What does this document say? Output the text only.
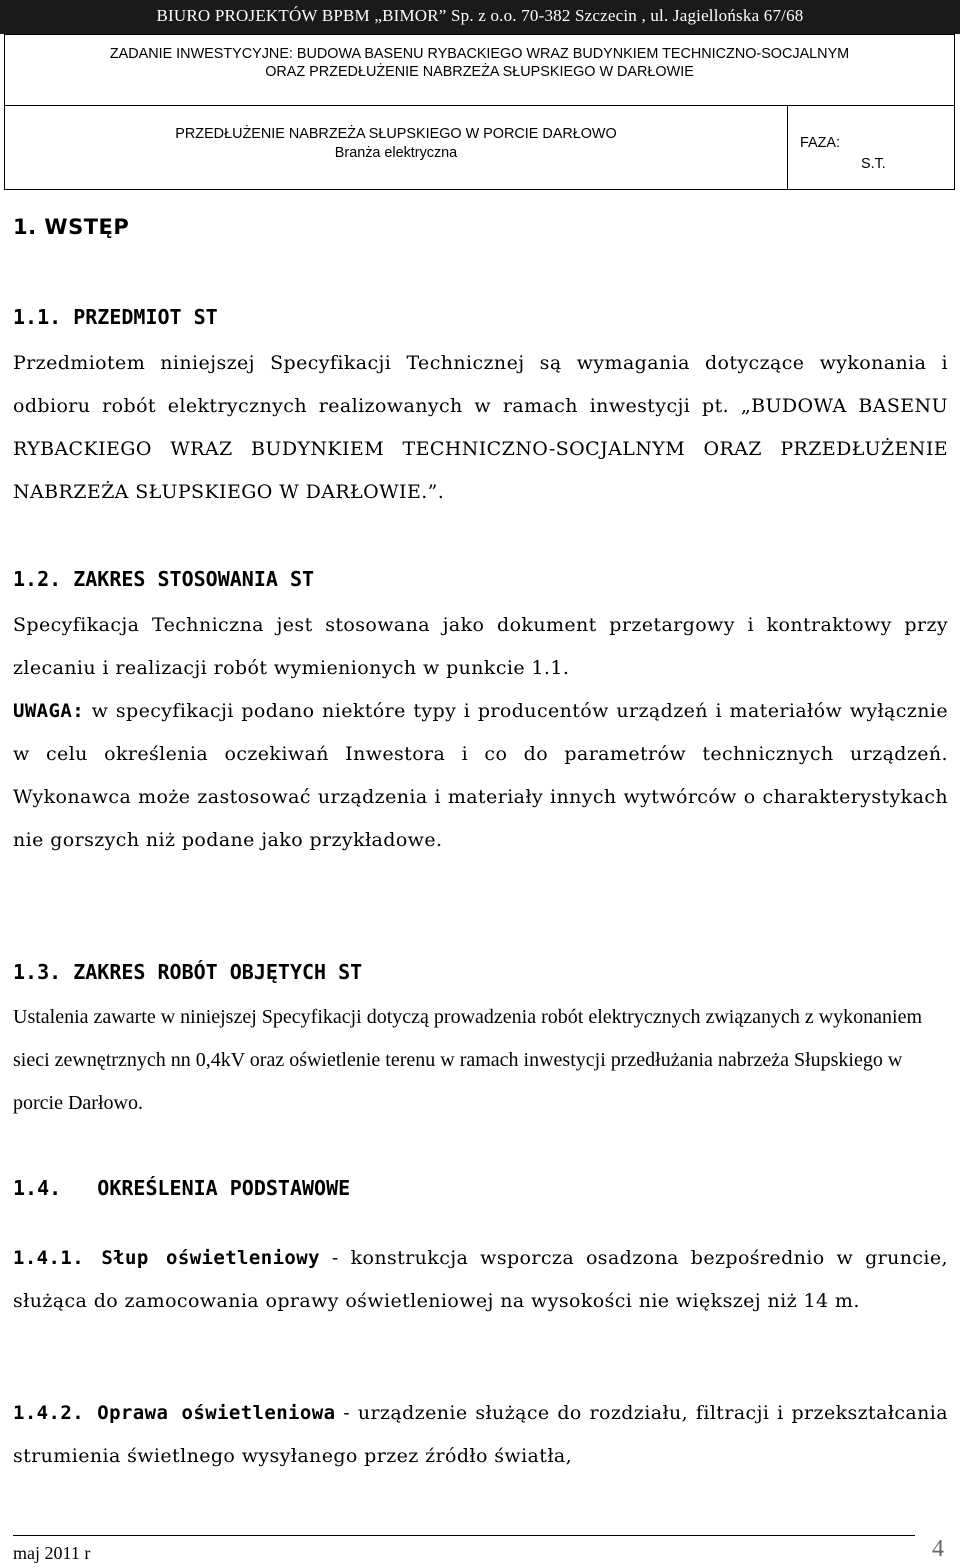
BIURO PROJEKTÓW BPBM „BIMOR” Sp. z o.o. 70-382 Szczecin , ul. Jagiellońska 67/68
ZADANIE INWESTYCYJNE: BUDOWA BASENU RYBACKIEGO WRAZ BUDYNKIEM TECHNICZNO-SOCJALNYM
ORAZ PRZEDŁUŻENIE NABRZEŻA SŁUPSKIEGO W DARŁOWIE
PRZEDŁUŻENIE NABRZEŻA SŁUPSKIEGO W PORCIE DARŁOWO
Branża elektryczna
FAZA:
S.T.
1. WSTĘP
1.1. PRZEDMIOT ST
Przedmiotem niniejszej Specyfikacji Technicznej są wymagania dotyczące wykonania i odbioru robót elektrycznych realizowanych w ramach inwestycji pt. „BUDOWA BASENU RYBACKIEGO WRAZ BUDYNKIEM TECHNICZNO-SOCJALNYM ORAZ PRZEDŁUŻENIE NABRZEŻA SŁUPSKIEGO W DARŁOWIE.”.
1.2. ZAKRES STOSOWANIA ST
Specyfikacja Techniczna jest stosowana jako dokument przetargowy i kontraktowy przy zlecaniu i realizacji robót wymienionych w punkcie 1.1.
UWAGA: w specyfikacji podano niektóre typy i producentów urządzeń i materiałów wyłącznie w celu określenia oczekiwań Inwestora i co do parametrów technicznych urządzeń. Wykonawca może zastosować urządzenia i materiały innych wytwórców o charakterystykach nie gorszych niż podane jako przykładowe.
1.3. ZAKRES ROBÓT OBJĘTYCH ST
Ustalenia zawarte w niniejszej Specyfikacji dotyczą prowadzenia robót elektrycznych związanych z wykonaniem sieci zewnętrznych nn 0,4kV oraz oświetlenie terenu w ramach inwestycji przedłużania nabrzeża Słupskiego w porcie Darłowo.
1.4. OKREŚLENIA PODSTAWOWE
1.4.1. Słup oświetleniowy - konstrukcja wsporcza osadzona bezpośrednio w gruncie, służąca do zamocowania oprawy oświetleniowej na wysokości nie większej niż 14 m.
1.4.2. Oprawa oświetleniowa - urządzenie służące do rozdziału, filtracji i przekształcania strumienia świetlnego wysyłanego przez źródło światła,
maj 2011 r	4
